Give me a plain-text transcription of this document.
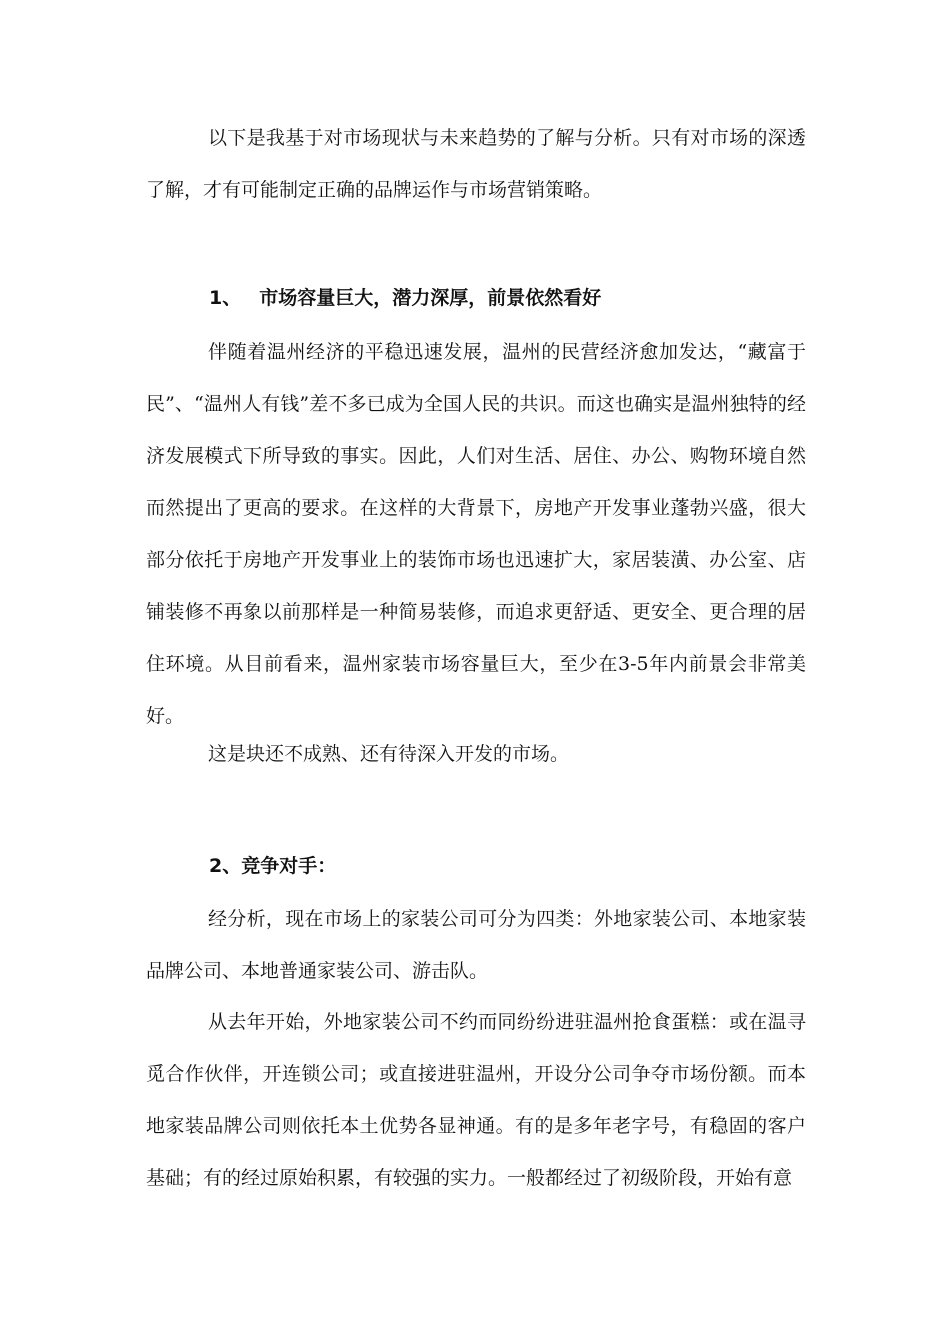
以下是我基于对市场现状与未来趋势的了解与分析。只有对市场的深透了解，才有可能制定正确的品牌运作与市场营销策略。

1、 市场容量巨大，潜力深厚，前景依然看好

伴随着温州经济的平稳迅速发展，温州的民营经济愈加发达，“藏富于民”、“温州人有钱”差不多已成为全国人民的共识。而这也确实是温州独特的经济发展模式下所导致的事实。因此，人们对生活、居住、办公、购物环境自然而然提出了更高的要求。在这样的大背景下，房地产开发事业蓬勃兴盛，很大部分依托于房地产开发事业上的装饰市场也迅速扩大，家居装潢、办公室、店铺装修不再象以前那样是一种简易装修，而追求更舒适、更安全、更合理的居住环境。从目前看来，温州家装市场容量巨大，至少在3-5年内前景会非常美好。

这是块还不成熟、还有待深入开发的市场。

2、竞争对手：

经分析，现在市场上的家装公司可分为四类：外地家装公司、本地家装品牌公司、本地普通家装公司、游击队。

从去年开始，外地家装公司不约而同纷纷进驻温州抢食蛋糕：或在温寻觅合作伙伴，开连锁公司；或直接进驻温州，开设分公司争夺市场份额。而本地家装品牌公司则依托本土优势各显神通。有的是多年老字号，有稳固的客户基础；有的经过原始积累，有较强的实力。一般都经过了初级阶段，开始有意
